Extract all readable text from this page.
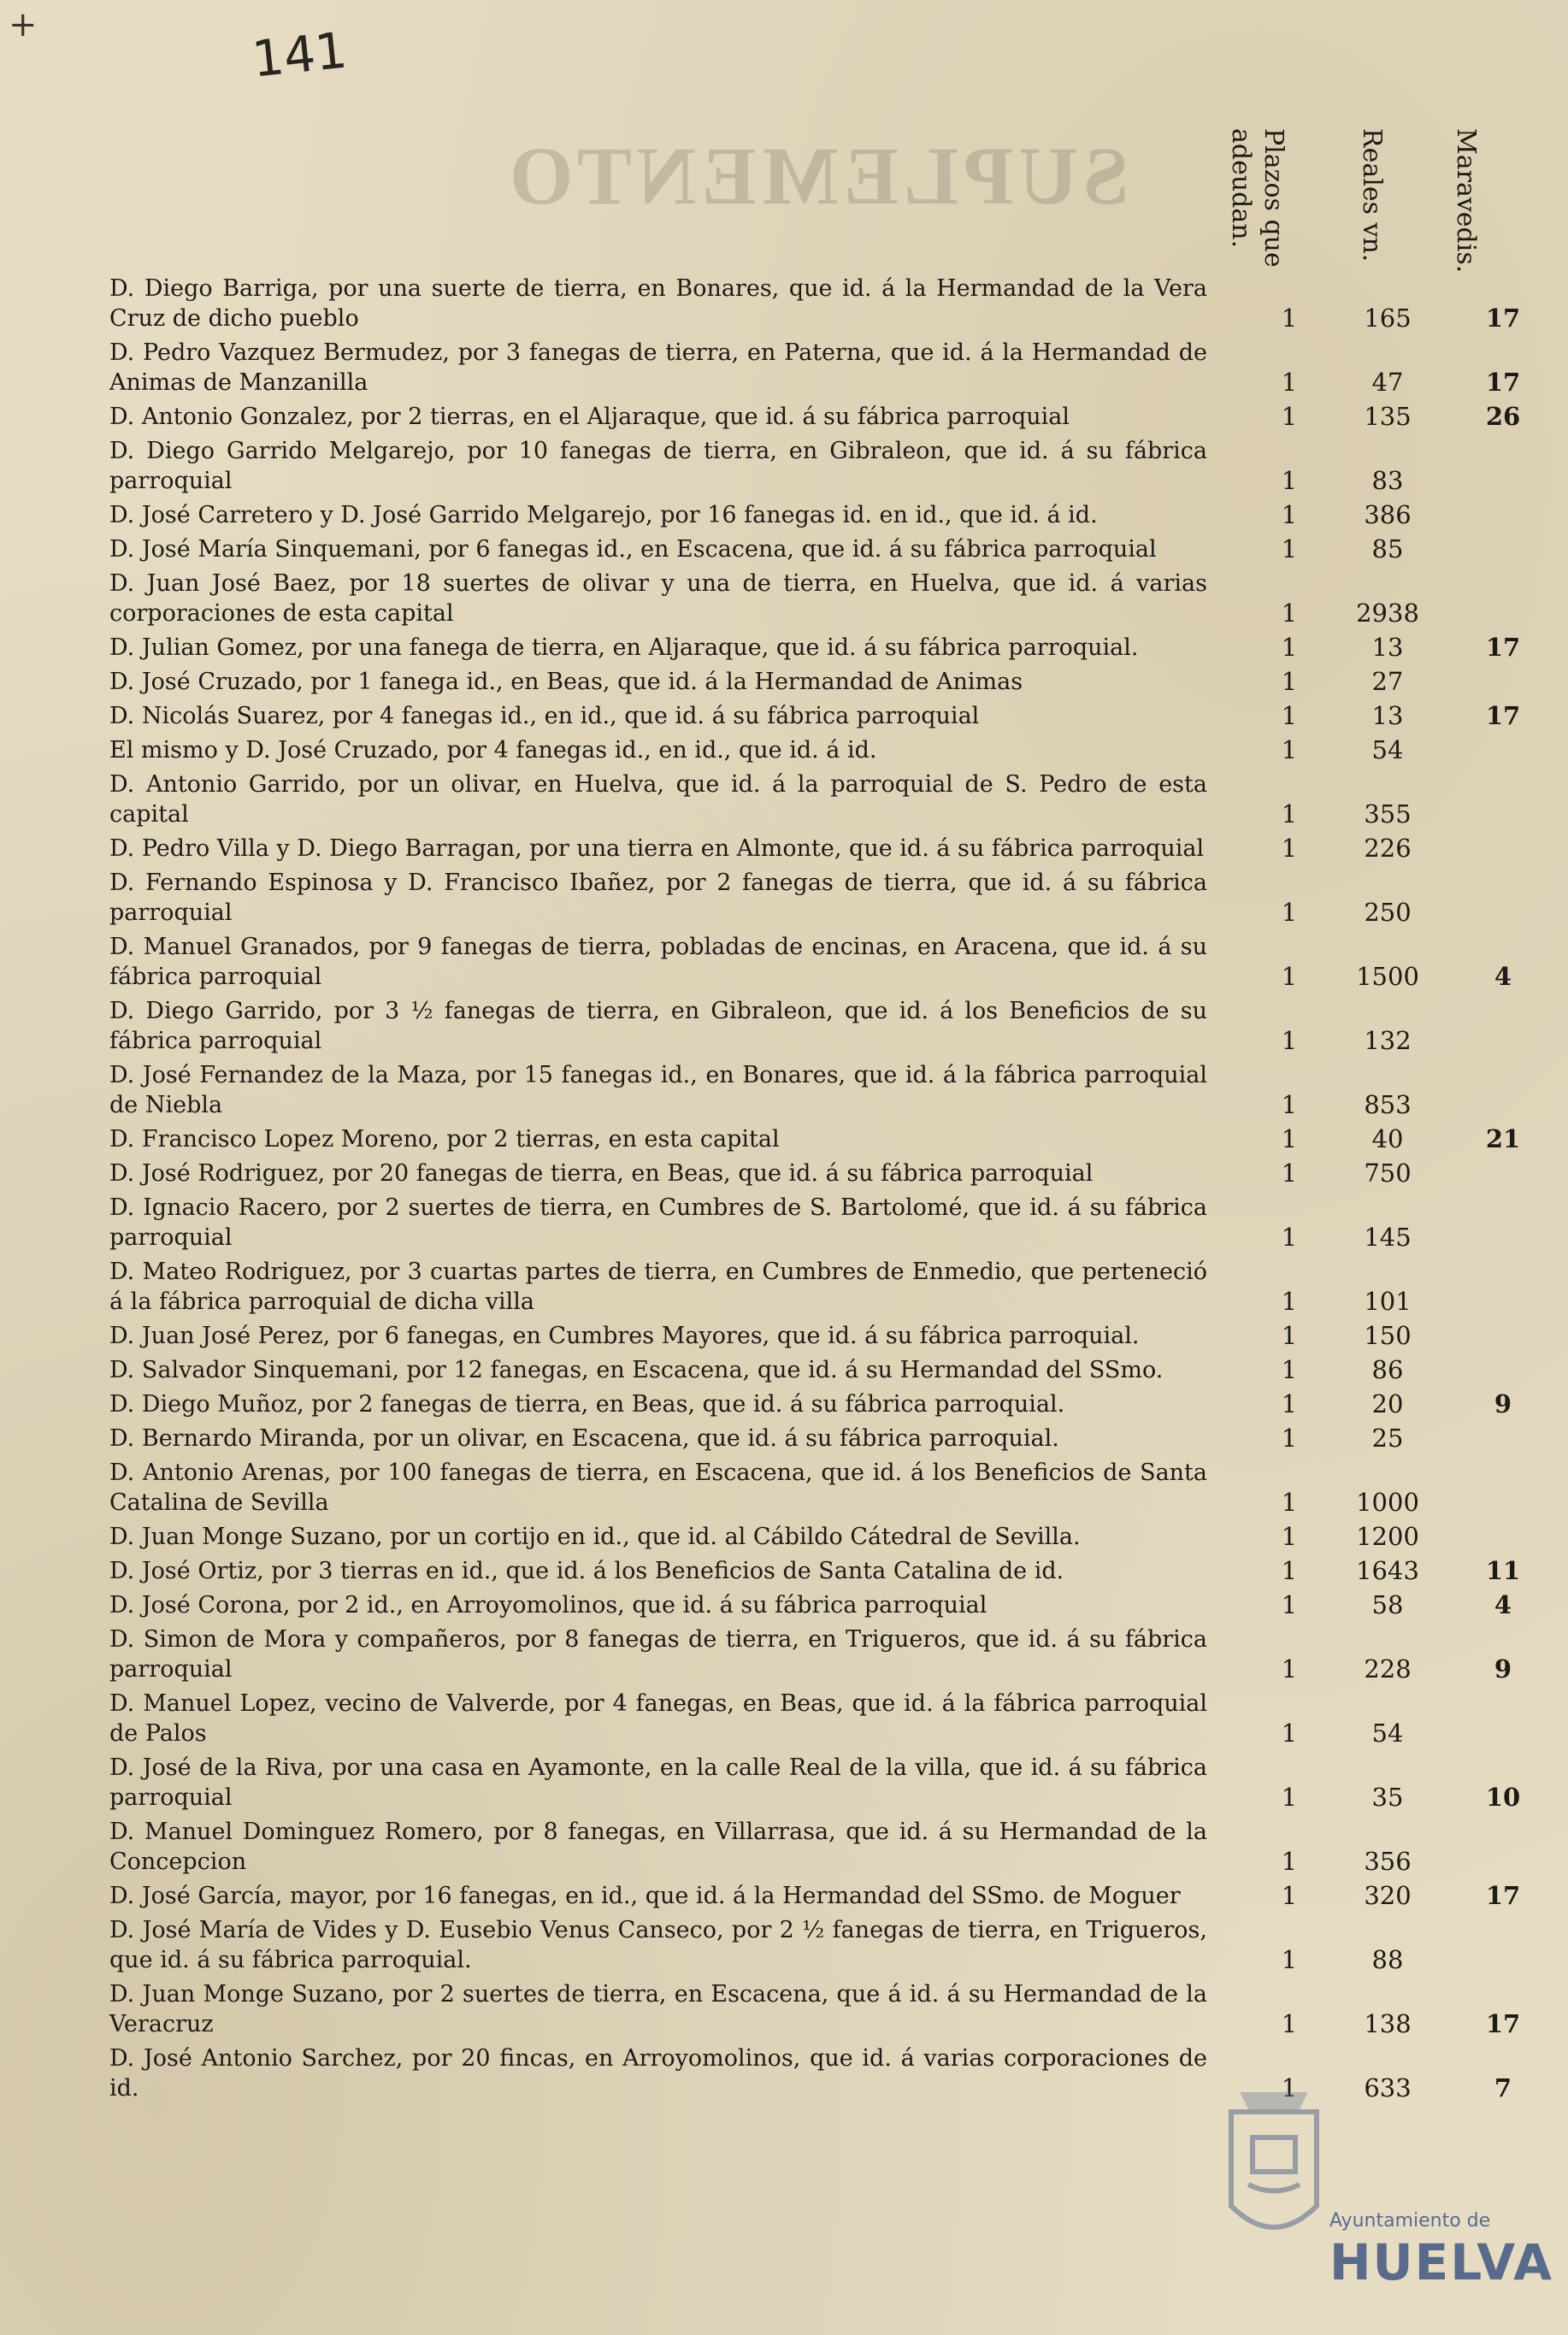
+	141
SUPLEMENTO	Plazos que
adeudan.	Reales vn.	Maravedis.
D. Diego Barriga, por una suerte de tierra, en Bonares, que id. á la Hermandad de la Vera Cruz de dicho pueblo	1	165	17
D. Pedro Vazquez Bermudez, por 3 fanegas de tierra, en Paterna, que id. á la Hermandad de Animas de Manzanilla	1	47	17
D. Antonio Gonzalez, por 2 tierras, en el Aljaraque, que id. á su fábrica parroquial	1	135	26
D. Diego Garrido Melgarejo, por 10 fanegas de tierra, en Gibraleon, que id. á su fábrica parroquial	1	83
D. José Carretero y D. José Garrido Melgarejo, por 16 fanegas id. en id., que id. á id.	1	386
D. José María Sinquemani, por 6 fanegas id., en Escacena, que id. á su fábrica parroquial	1	85
D. Juan José Baez, por 18 suertes de olivar y una de tierra, en Huelva, que id. á varias corporaciones de esta capital	1	2938
D. Julian Gomez, por una fanega de tierra, en Aljaraque, que id. á su fábrica parroquial.	1	13	17
D. José Cruzado, por 1 fanega id., en Beas, que id. á la Hermandad de Animas	1	27
D. Nicolás Suarez, por 4 fanegas id., en id., que id. á su fábrica parroquial	1	13	17
El mismo y D. José Cruzado, por 4 fanegas id., en id., que id. á id.	1	54
D. Antonio Garrido, por un olivar, en Huelva, que id. á la parroquial de S. Pedro de esta capital	1	355
D. Pedro Villa y D. Diego Barragan, por una tierra en Almonte, que id. á su fábrica parroquial	1	226
D. Fernando Espinosa y D. Francisco Ibañez, por 2 fanegas de tierra, que id. á su fábrica parroquial	1	250
D. Manuel Granados, por 9 fanegas de tierra, pobladas de encinas, en Aracena, que id. á su fábrica parroquial	1	1500	4
D. Diego Garrido, por 3 ½ fanegas de tierra, en Gibraleon, que id. á los Beneficios de su fábrica parroquial	1	132
D. José Fernandez de la Maza, por 15 fanegas id., en Bonares, que id. á la fábrica parroquial de Niebla	1	853
D. Francisco Lopez Moreno, por 2 tierras, en esta capital	1	40	21
D. José Rodriguez, por 20 fanegas de tierra, en Beas, que id. á su fábrica parroquial	1	750
D. Ignacio Racero, por 2 suertes de tierra, en Cumbres de S. Bartolomé, que id. á su fábrica parroquial	1	145
D. Mateo Rodriguez, por 3 cuartas partes de tierra, en Cumbres de Enmedio, que perteneció á la fábrica parroquial de dicha villa	1	101
D. Juan José Perez, por 6 fanegas, en Cumbres Mayores, que id. á su fábrica parroquial.	1	150
D. Salvador Sinquemani, por 12 fanegas, en Escacena, que id. á su Hermandad del SSmo.	1	86
D. Diego Muñoz, por 2 fanegas de tierra, en Beas, que id. á su fábrica parroquial.	1	20	9
D. Bernardo Miranda, por un olivar, en Escacena, que id. á su fábrica parroquial.	1	25
D. Antonio Arenas, por 100 fanegas de tierra, en Escacena, que id. á los Beneficios de Santa Catalina de Sevilla	1	1000
D. Juan Monge Suzano, por un cortijo en id., que id. al Cábildo Cátedral de Sevilla.	1	1200
D. José Ortiz, por 3 tierras en id., que id. á los Beneficios de Santa Catalina de id.	1	1643	11
D. José Corona, por 2 id., en Arroyomolinos, que id. á su fábrica parroquial	1	58	4
D. Simon de Mora y compañeros, por 8 fanegas de tierra, en Trigueros, que id. á su fábrica parroquial	1	228	9
D. Manuel Lopez, vecino de Valverde, por 4 fanegas, en Beas, que id. á la fábrica parroquial de Palos	1	54
D. José de la Riva, por una casa en Ayamonte, en la calle Real de la villa, que id. á su fábrica parroquial	1	35	10
D. Manuel Dominguez Romero, por 8 fanegas, en Villarrasa, que id. á su Hermandad de la Concepcion	1	356
D. José García, mayor, por 16 fanegas, en id., que id. á la Hermandad del SSmo. de Moguer	1	320	17
D. José María de Vides y D. Eusebio Venus Canseco, por 2 ½ fanegas de tierra, en Trigueros, que id. á su fábrica parroquial.	1	88
D. Juan Monge Suzano, por 2 suertes de tierra, en Escacena, que á id. á su Hermandad de la Veracruz	1	138	17
D. José Antonio Sarchez, por 20 fincas, en Arroyomolinos, que id. á varias corporaciones de id.	1	633	7
Ayuntamiento de
HUELVA
